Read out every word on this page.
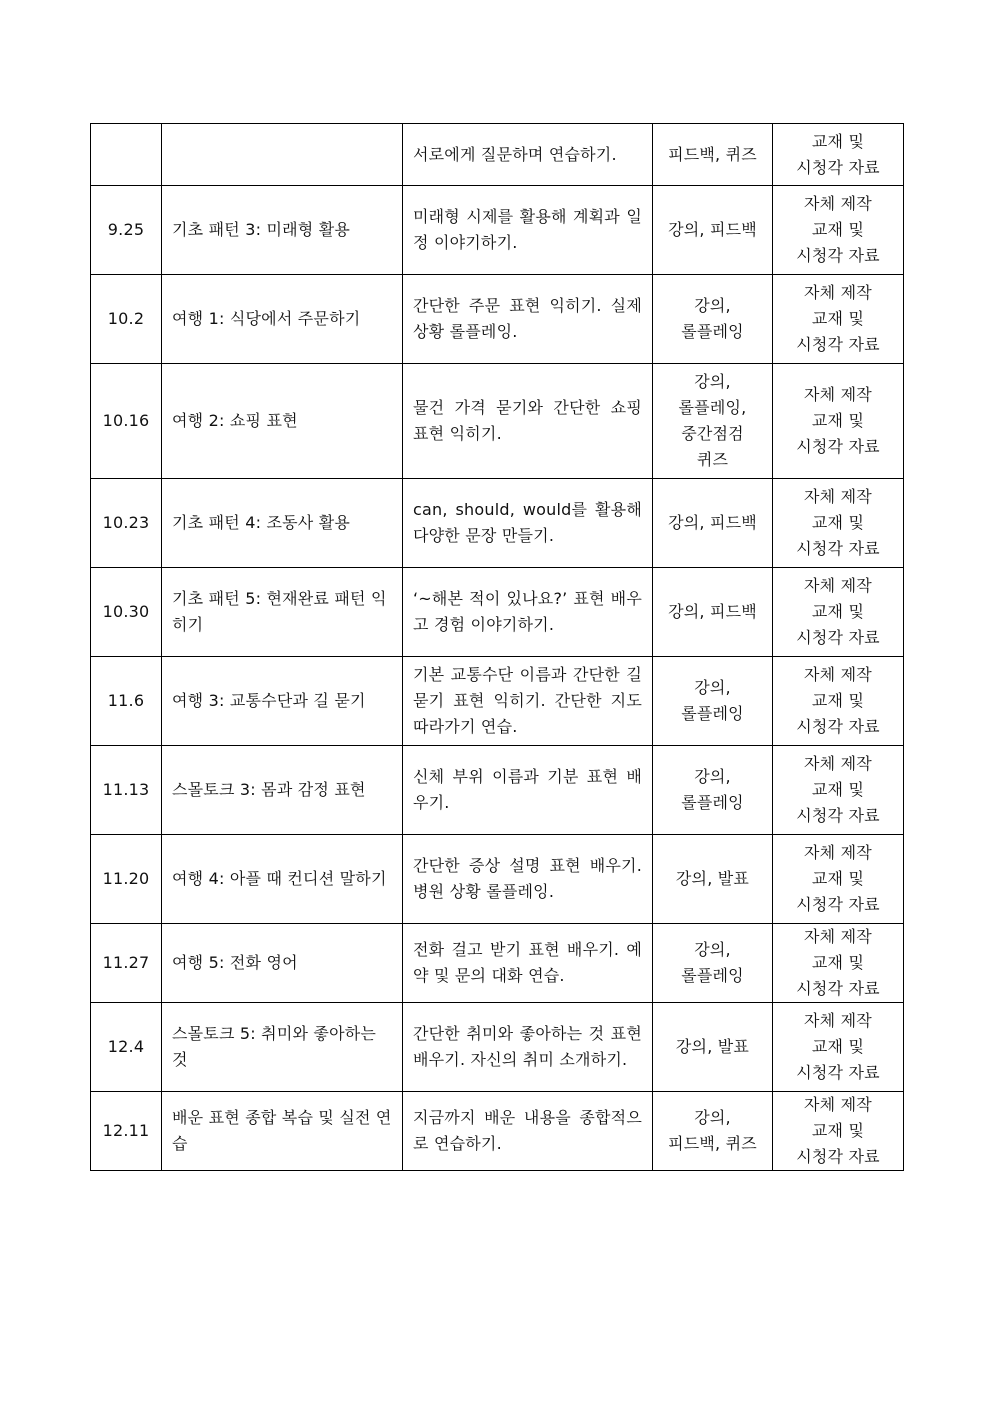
		서로에게 질문하며 연습하기.	피드백, 퀴즈	교재 및
시청각 자료
9.25	기초 패턴 3: 미래형 활용	미래형 시제를 활용해 계획과 일정 이야기하기.	강의, 피드백	자체 제작
교재 및
시청각 자료
10.2	여행 1: 식당에서 주문하기	간단한 주문 표현 익히기. 실제 상황 롤플레잉.	강의,
롤플레잉	자체 제작
교재 및
시청각 자료
10.16	여행 2: 쇼핑 표현	물건 가격 묻기와 간단한 쇼핑 표현 익히기.	강의,
롤플레잉,
중간점검
퀴즈	자체 제작
교재 및
시청각 자료
10.23	기초 패턴 4: 조동사 활용	can, should, would를 활용해 다양한 문장 만들기.	강의, 피드백	자체 제작
교재 및
시청각 자료
10.30	기초 패턴 5: 현재완료 패턴 익히기	‘~해본 적이 있나요?’ 표현 배우고 경험 이야기하기.	강의, 피드백	자체 제작
교재 및
시청각 자료
11.6	여행 3: 교통수단과 길 묻기	기본 교통수단 이름과 간단한 길 묻기 표현 익히기. 간단한 지도 따라가기 연습.	강의,
롤플레잉	자체 제작
교재 및
시청각 자료
11.13	스몰토크 3: 몸과 감정 표현	신체 부위 이름과 기분 표현 배우기.	강의,
롤플레잉	자체 제작
교재 및
시청각 자료
11.20	여행 4: 아플 때 컨디션 말하기	간단한 증상 설명 표현 배우기. 병원 상황 롤플레잉.	강의, 발표	자체 제작
교재 및
시청각 자료
11.27	여행 5: 전화 영어	전화 걸고 받기 표현 배우기. 예약 및 문의 대화 연습.	강의,
롤플레잉	자체 제작
교재 및
시청각 자료
12.4	스몰토크 5: 취미와 좋아하는 것	간단한 취미와 좋아하는 것 표현 배우기. 자신의 취미 소개하기.	강의, 발표	자체 제작
교재 및
시청각 자료
12.11	배운 표현 종합 복습 및 실전 연습	지금까지 배운 내용을 종합적으로 연습하기.	강의,
피드백, 퀴즈	자체 제작
교재 및
시청각 자료
